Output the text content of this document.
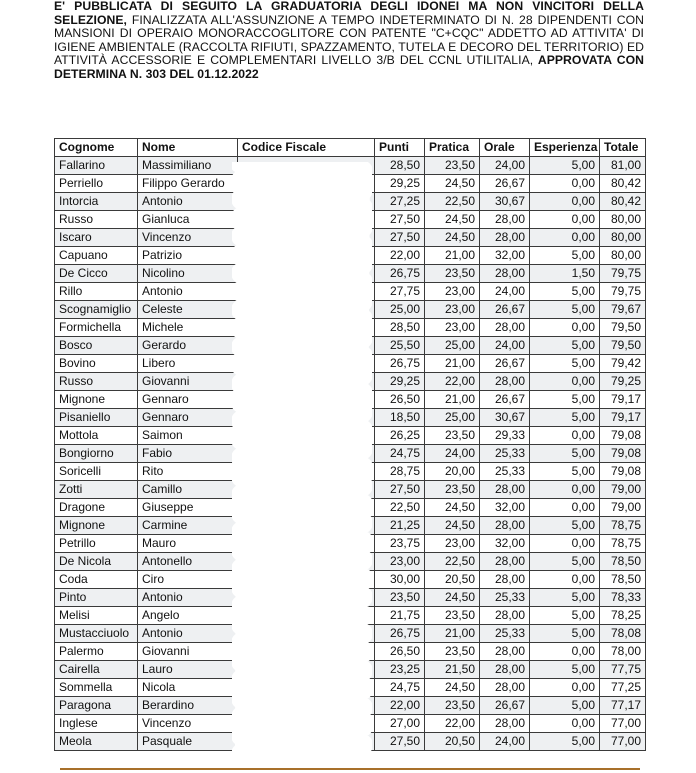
E' PUBBLICATA DI SEGUITO LA GRADUATORIA DEGLI IDONEI MA NON VINCITORI DELLA SELEZIONE, FINALIZZATA ALL'ASSUNZIONE A TEMPO INDETERMINATO DI N. 28 DIPENDENTI CON MANSIONI DI OPERAIO MONORACCOGLITORE CON PATENTE "C+CQC" ADDETTO AD ATTIVITA' DI IGIENE AMBIENTALE (RACCOLTA RIFIUTI, SPAZZAMENTO, TUTELA E DECORO DEL TERRITORIO) ED ATTIVITÀ ACCESSORIE E COMPLEMENTARI LIVELLO 3/B DEL CCNL UTILITALIA, APPROVATA CON DETERMINA N. 303 DEL 01.12.2022
Cognome	Nome	Codice Fiscale	Punti	Pratica	Orale	Esperienza	Totale
Fallarino	Massimiliano		28,50	23,50	24,00	5,00	81,00
Perriello	Filippo Gerardo		29,25	24,50	26,67	0,00	80,42
Intorcia	Antonio		27,25	22,50	30,67	0,00	80,42
Russo	Gianluca		27,50	24,50	28,00	0,00	80,00
Iscaro	Vincenzo		27,50	24,50	28,00	0,00	80,00
Capuano	Patrizio		22,00	21,00	32,00	5,00	80,00
De Cicco	Nicolino		26,75	23,50	28,00	1,50	79,75
Rillo	Antonio		27,75	23,00	24,00	5,00	79,75
Scognamiglio	Celeste		25,00	23,00	26,67	5,00	79,67
Formichella	Michele		28,50	23,00	28,00	0,00	79,50
Bosco	Gerardo		25,50	25,00	24,00	5,00	79,50
Bovino	Libero		26,75	21,00	26,67	5,00	79,42
Russo	Giovanni		29,25	22,00	28,00	0,00	79,25
Mignone	Gennaro		26,50	21,00	26,67	5,00	79,17
Pisaniello	Gennaro		18,50	25,00	30,67	5,00	79,17
Mottola	Saimon		26,25	23,50	29,33	0,00	79,08
Bongiorno	Fabio		24,75	24,00	25,33	5,00	79,08
Soricelli	Rito		28,75	20,00	25,33	5,00	79,08
Zotti	Camillo		27,50	23,50	28,00	0,00	79,00
Dragone	Giuseppe		22,50	24,50	32,00	0,00	79,00
Mignone	Carmine		21,25	24,50	28,00	5,00	78,75
Petrillo	Mauro		23,75	23,00	32,00	0,00	78,75
De Nicola	Antonello		23,00	22,50	28,00	5,00	78,50
Coda	Ciro		30,00	20,50	28,00	0,00	78,50
Pinto	Antonio		23,50	24,50	25,33	5,00	78,33
Melisi	Angelo		21,75	23,50	28,00	5,00	78,25
Mustacciuolo	Antonio		26,75	21,00	25,33	5,00	78,08
Palermo	Giovanni		26,50	23,50	28,00	0,00	78,00
Cairella	Lauro		23,25	21,50	28,00	5,00	77,75
Sommella	Nicola		24,75	24,50	28,00	0,00	77,25
Paragona	Berardino		22,00	23,50	26,67	5,00	77,17
Inglese	Vincenzo		27,00	22,00	28,00	0,00	77,00
Meola	Pasquale		27,50	20,50	24,00	5,00	77,00
